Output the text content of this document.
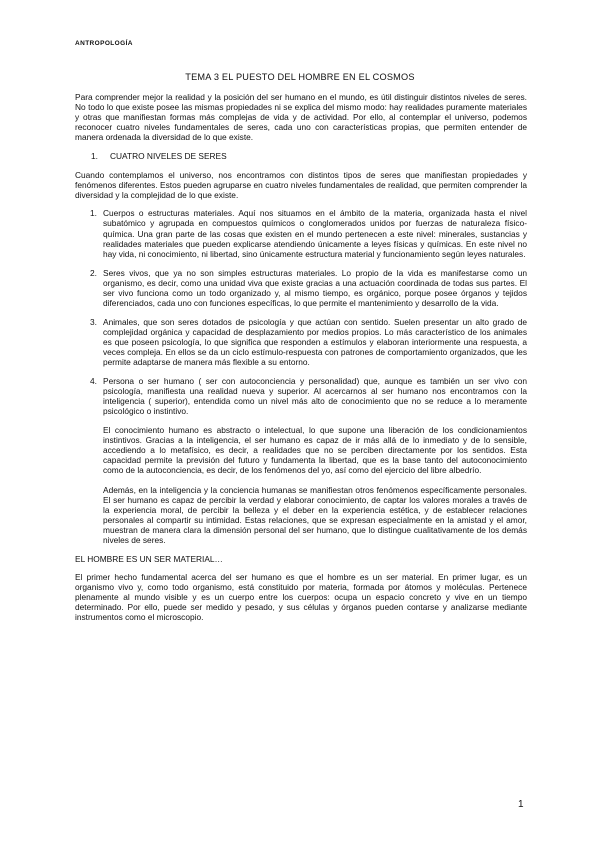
ANTROPOLOGÍA
TEMA 3 EL PUESTO DEL HOMBRE EN EL COSMOS

Para comprender mejor la realidad y la posición del ser humano en el mundo, es útil distinguir distintos niveles de seres. No todo lo que existe posee las mismas propiedades ni se explica del mismo modo: hay realidades puramente materiales y otras que manifiestan formas más complejas de vida y de actividad. Por ello, al contemplar el universo, podemos reconocer cuatro niveles fundamentales de seres, cada uno con características propias, que permiten entender de manera ordenada la diversidad de lo que existe.

1. CUATRO NIVELES DE SERES

Cuando contemplamos el universo, nos encontramos con distintos tipos de seres que manifiestan propiedades y fenómenos diferentes. Estos pueden agruparse en cuatro niveles fundamentales de realidad, que permiten comprender la diversidad y la complejidad de lo que existe.

1. Cuerpos o estructuras materiales. Aquí nos situamos en el ámbito de la materia, organizada hasta el nivel subatómico y agrupada en compuestos químicos o conglomerados unidos por fuerzas de naturaleza físico-química. Una gran parte de las cosas que existen en el mundo pertenecen a este nivel: minerales, sustancias y realidades materiales que pueden explicarse atendiendo únicamente a leyes físicas y químicas. En este nivel no hay vida, ni conocimiento, ni libertad, sino únicamente estructura material y funcionamiento según leyes naturales.

2. Seres vivos, que ya no son simples estructuras materiales. Lo propio de la vida es manifestarse como un organismo, es decir, como una unidad viva que existe gracias a una actuación coordinada de todas sus partes. El ser vivo funciona como un todo organizado y, al mismo tiempo, es orgánico, porque posee órganos y tejidos diferenciados, cada uno con funciones específicas, lo que permite el mantenimiento y desarrollo de la vida.

3. Animales, que son seres dotados de psicología y que actúan con sentido. Suelen presentar un alto grado de complejidad orgánica y capacidad de desplazamiento por medios propios. Lo más característico de los animales es que poseen psicología, lo que significa que responden a estímulos y elaboran interiormente una respuesta, a veces compleja. En ellos se da un ciclo estímulo-respuesta con patrones de comportamiento organizados, que les permite adaptarse de manera más flexible a su entorno.

4. Persona o ser humano ( ser con autoconciencia y personalidad) que, aunque es también un ser vivo con psicología, manifiesta una realidad nueva y superior. Al acercarnos al ser humano nos encontramos con la inteligencia ( superior), entendida como un nivel más alto de conocimiento que no se reduce a lo meramente psicológico o instintivo.

El conocimiento humano es abstracto o intelectual, lo que supone una liberación de los condicionamientos instintivos. Gracias a la inteligencia, el ser humano es capaz de ir más allá de lo inmediato y de lo sensible, accediendo a lo metafísico, es decir, a realidades que no se perciben directamente por los sentidos. Esta capacidad permite la previsión del futuro y fundamenta la libertad, que es la base tanto del autoconocimiento como de la autoconciencia, es decir, de los fenómenos del yo, así como del ejercicio del libre albedrío.

Además, en la inteligencia y la conciencia humanas se manifiestan otros fenómenos específicamente personales. El ser humano es capaz de percibir la verdad y elaborar conocimiento, de captar los valores morales a través de la experiencia moral, de percibir la belleza y el deber en la experiencia estética, y de establecer relaciones personales al compartir su intimidad. Estas relaciones, que se expresan especialmente en la amistad y el amor, muestran de manera clara la dimensión personal del ser humano, que lo distingue cualitativamente de los demás niveles de seres.

EL HOMBRE ES UN SER MATERIAL…

El primer hecho fundamental acerca del ser humano es que el hombre es un ser material. En primer lugar, es un organismo vivo y, como todo organismo, está constituido por materia, formada por átomos y moléculas. Pertenece plenamente al mundo visible y es un cuerpo entre los cuerpos: ocupa un espacio concreto y vive en un tiempo determinado. Por ello, puede ser medido y pesado, y sus células y órganos pueden contarse y analizarse mediante instrumentos como el microscopio.

1
